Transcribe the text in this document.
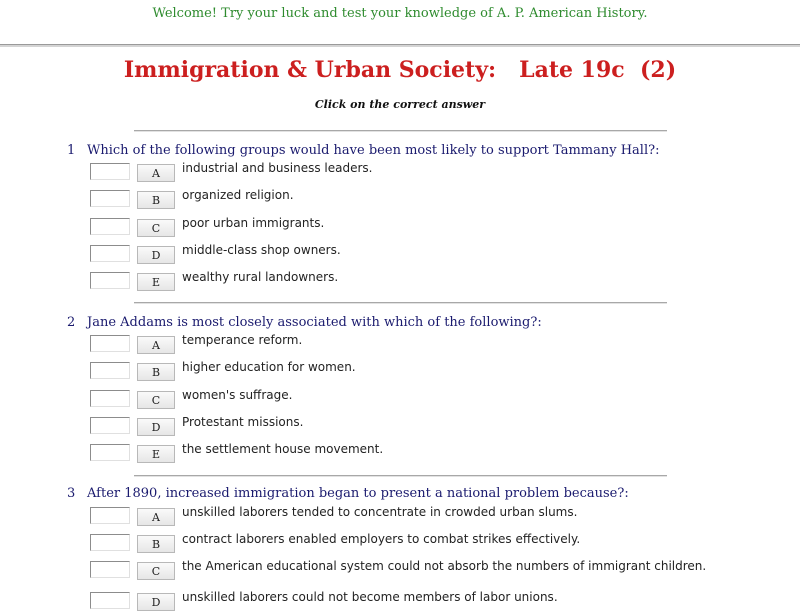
Welcome! Try your luck and test your knowledge of A. P. American History.
Immigration & Urban Society:   Late 19c  (2)
Click on the correct answer
1 Which of the following groups would have been most likely to support Tammany Hall?:
A	industrial and business leaders.
B	organized religion.
C	poor urban immigrants.
D	middle-class shop owners.
E	wealthy rural landowners.
2 Jane Addams is most closely associated with which of the following?:
A	temperance reform.
B	higher education for women.
C	women's suffrage.
D	Protestant missions.
E	the settlement house movement.
3 After 1890, increased immigration began to present a national problem because?:
A	unskilled laborers tended to concentrate in crowded urban slums.
B	contract laborers enabled employers to combat strikes effectively.
C	the American educational system could not absorb the numbers of immigrant children.
D	unskilled laborers could not become members of labor unions.
